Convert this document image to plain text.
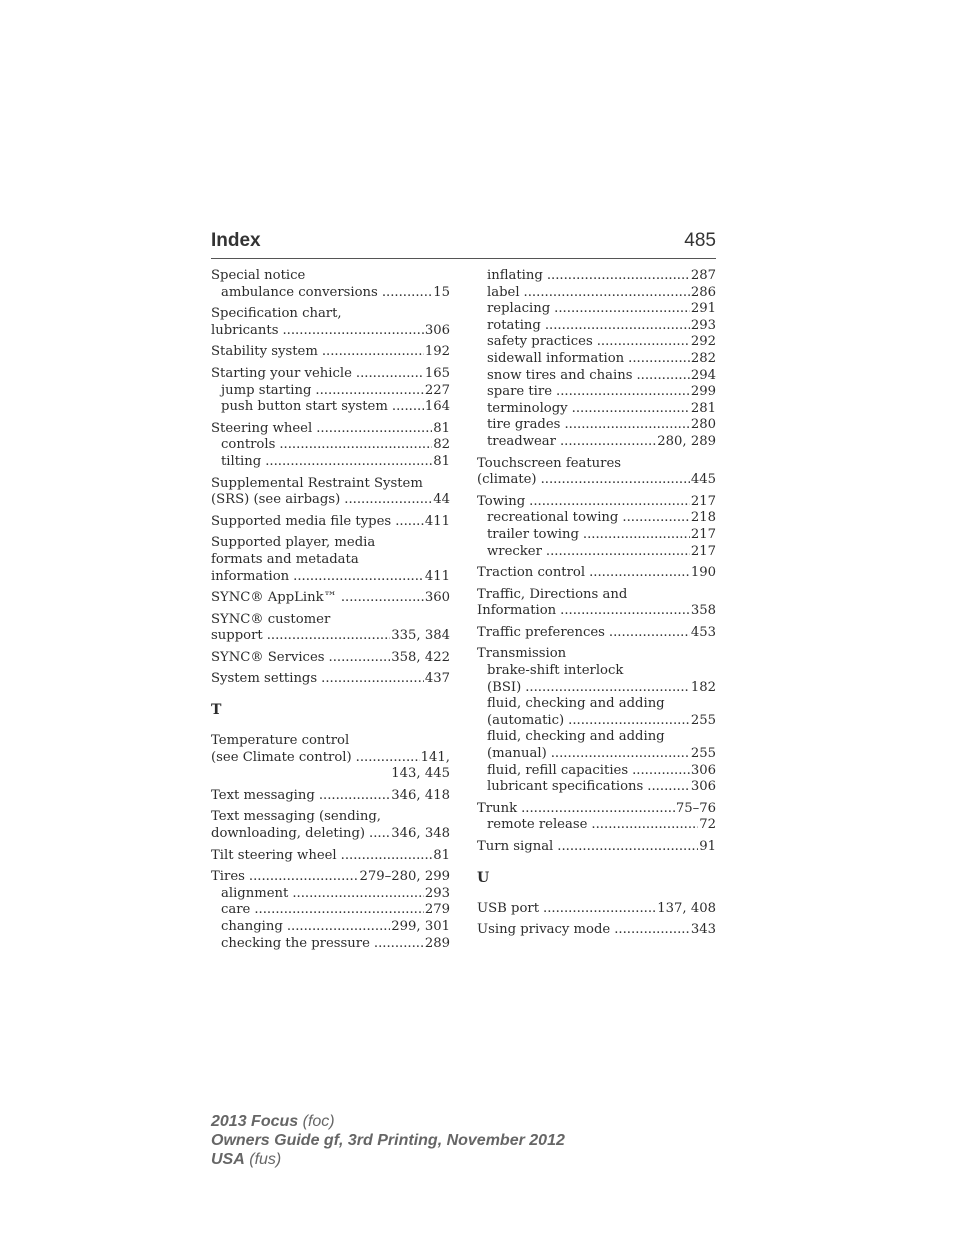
Index	485
Special notice
ambulance conversions .....	15
Specification chart,
lubricants .....	306
Stability system .....	192
Starting your vehicle .....	165
jump starting .....	227
push button start system .....	164
Steering wheel .....	81
controls .....	82
tilting .....	81
Supplemental Restraint System
(SRS) (see airbags) .....	44
Supported media file types .....	411
Supported player, media
formats and metadata
information .....	411
SYNC® AppLink™ .....	360
SYNC® customer
support .....	335, 384
SYNC® Services .....	358, 422
System settings .....	437
T
Temperature control
(see Climate control) .....	141,
143, 445
Text messaging .....	346, 418
Text messaging (sending,
downloading, deleting) ..... 346, 348
Tilt steering wheel .....	81
Tires .....	279–280, 299
alignment .....	293
care .....	279
changing .....	299, 301
checking the pressure .....	289
inflating .....	287
label .....	286
replacing .....	291
rotating .....	293
safety practices .....	292
sidewall information .....	282
snow tires and chains .....	294
spare tire .....	299
terminology .....	281
tire grades .....	280
treadwear .....	280, 289
Touchscreen features
(climate) .....	445
Towing .....	217
recreational towing .....	218
trailer towing .....	217
wrecker .....	217
Traction control .....	190
Traffic, Directions and
Information .....	358
Traffic preferences .....	453
Transmission
brake-shift interlock
(BSI) .....	182
fluid, checking and adding
(automatic) .....	255
fluid, checking and adding
(manual) .....	255
fluid, refill capacities .....	306
lubricant specifications .....	306
Trunk .....	75–76
remote release .....	72
Turn signal .....	91
U
USB port .....	137, 408
Using privacy mode .....	343
2013 Focus (foc)
Owners Guide gf, 3rd Printing, November 2012
USA (fus)
